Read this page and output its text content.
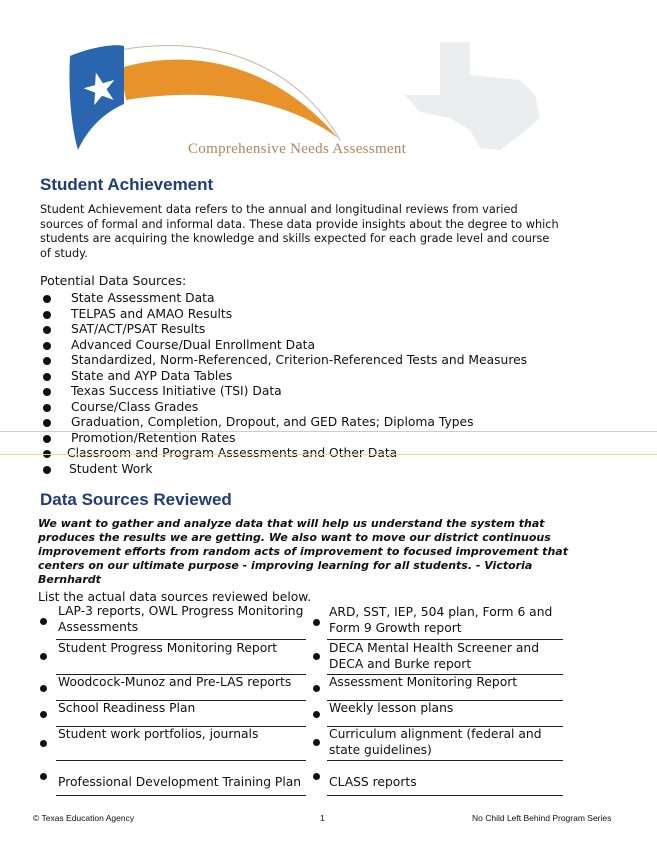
Comprehensive Needs Assessment
Student Achievement

Student Achievement data refers to the annual and longitudinal reviews from varied sources of formal and informal data. These data provide insights about the degree to which students are acquiring the knowledge and skills expected for each grade level and course of study.

Potential Data Sources:
State Assessment Data
TELPAS and AMAO Results
SAT/ACT/PSAT Results
Advanced Course/Dual Enrollment Data
Standardized, Norm-Referenced, Criterion-Referenced Tests and Measures
State and AYP Data Tables
Texas Success Initiative (TSI) Data
Course/Class Grades
Graduation, Completion, Dropout, and GED Rates; Diploma Types
Promotion/Retention Rates
Classroom and Program Assessments and Other Data
Student Work
Data Sources Reviewed

We want to gather and analyze data that will help us understand the system that produces the results we are getting. We also want to move our district continuous improvement efforts from random acts of improvement to focused improvement that centers on our ultimate purpose - improving learning for all students. - Victoria Bernhardt

List the actual data sources reviewed below.
LAP-3 reports, OWL Progress Monitoring Assessments
Student Progress Monitoring Report
Woodcock-Munoz and Pre-LAS reports
School Readiness Plan
Student work portfolios, journals
Professional Development Training Plan
ARD, SST, IEP, 504 plan, Form 6 and Form 9 Growth report
DECA Mental Health Screener and DECA and Burke report
Assessment Monitoring Report
Weekly lesson plans
Curriculum alignment (federal and state guidelines)
CLASS reports
© Texas Education Agency	1	No Child Left Behind Program Series
